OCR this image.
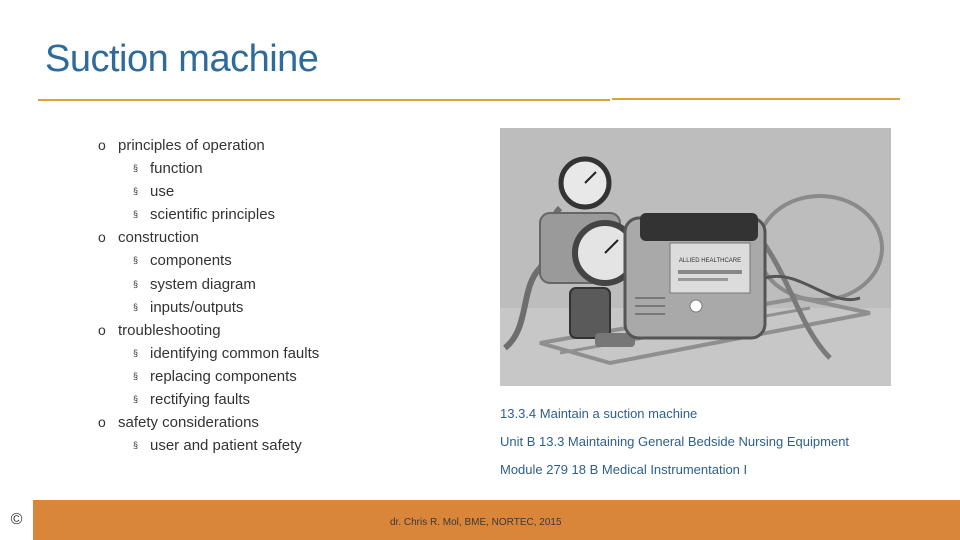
Suction machine
o principles of operation
§ function
§ use
§ scientific principles
o construction
§ components
§ system diagram
§ inputs/outputs
o troubleshooting
§ identifying common faults
§ replacing components
§ rectifying faults
o safety considerations
§ user and patient safety
ALLIED HEALTHCARE
13.3.4 Maintain a suction machine
Unit B 13.3 Maintaining General Bedside Nursing Equipment
Module 279 18 B Medical Instrumentation I
©	dr. Chris R. Mol, BME, NORTEC, 2015
